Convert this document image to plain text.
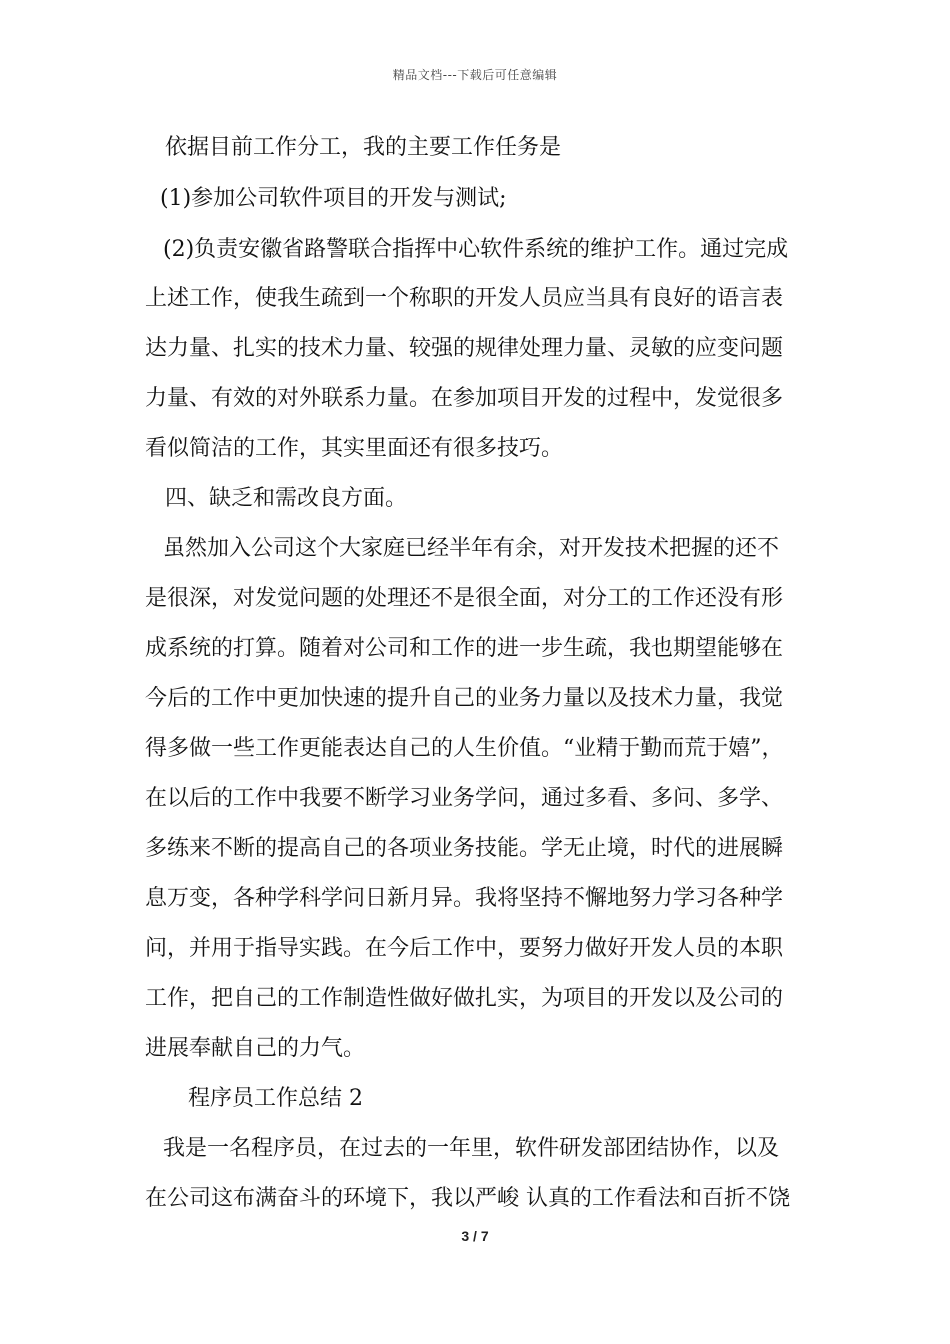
精品文档---下载后可任意编辑
依据目前工作分工，我的主要工作任务是
(1)参加公司软件项目的开发与测试;
(2)负责安徽省路警联合指挥中心软件系统的维护工作。通过完成
上述工作，使我生疏到一个称职的开发人员应当具有良好的语言表
达力量、扎实的技术力量、较强的规律处理力量、灵敏的应变问题
力量、有效的对外联系力量。在参加项目开发的过程中，发觉很多
看似简洁的工作，其实里面还有很多技巧。
四、缺乏和需改良方面。
虽然加入公司这个大家庭已经半年有余，对开发技术把握的还不
是很深，对发觉问题的处理还不是很全面，对分工的工作还没有形
成系统的打算。随着对公司和工作的进一步生疏，我也期望能够在
今后的工作中更加快速的提升自己的业务力量以及技术力量，我觉
得多做一些工作更能表达自己的人生价值。“业精于勤而荒于嬉”，
在以后的工作中我要不断学习业务学问，通过多看、多问、多学、
多练来不断的提高自己的各项业务技能。学无止境，时代的进展瞬
息万变，各种学科学问日新月异。我将坚持不懈地努力学习各种学
问，并用于指导实践。在今后工作中，要努力做好开发人员的本职
工作，把自己的工作制造性做好做扎实，为项目的开发以及公司的
进展奉献自己的力气。
程序员工作总结 2
我是一名程序员，在过去的一年里，软件研发部团结协作，以及
在公司这布满奋斗的环境下，我以严峻 认真的工作看法和百折不饶
3 / 7
